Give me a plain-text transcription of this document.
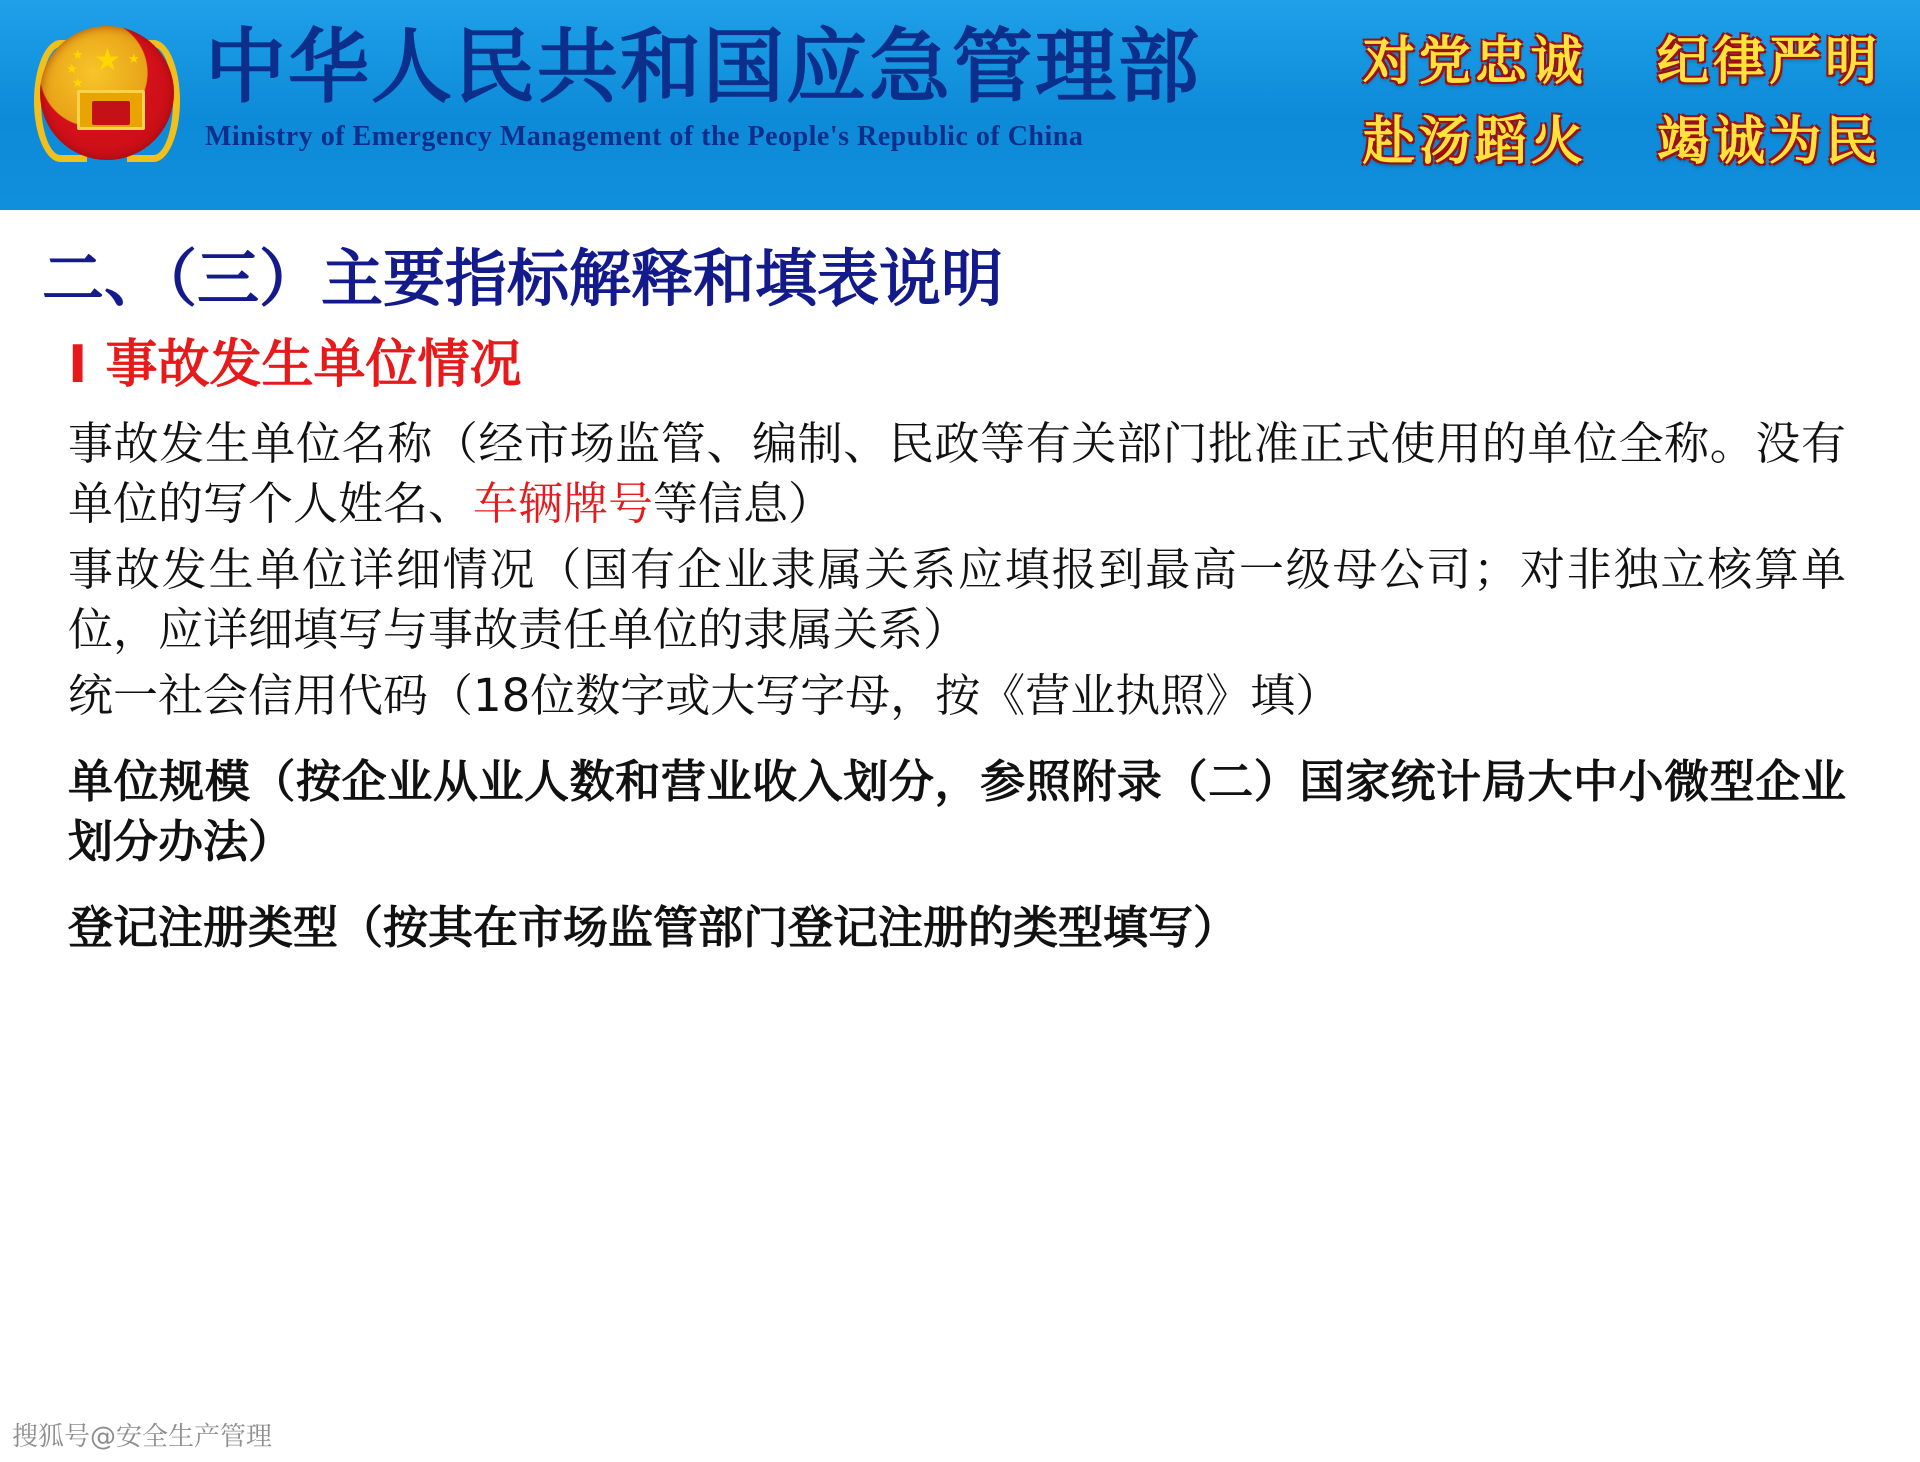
★
★
★
★
★ 中华人民共和国应急管理部
Ministry of Emergency Management of the People's Republic of China
对党忠诚 纪律严明
赴汤蹈火 竭诚为民
二、（三）主要指标解释和填表说明
Ⅰ 事故发生单位情况

事故发生单位名称（经市场监管、编制、民政等有关部门批准正式使用的单位全称。没有单位的写个人姓名、车辆牌号等信息）

事故发生单位详细情况（国有企业隶属关系应填报到最高一级母公司；对非独立核算单位，应详细填写与事故责任单位的隶属关系）

统一社会信用代码（18位数字或大写字母，按《营业执照》填）

单位规模（按企业从业人数和营业收入划分，参照附录（二）国家统计局大中小微型企业划分办法）

登记注册类型（按其在市场监管部门登记注册的类型填写）

搜狐号@安全生产管理
